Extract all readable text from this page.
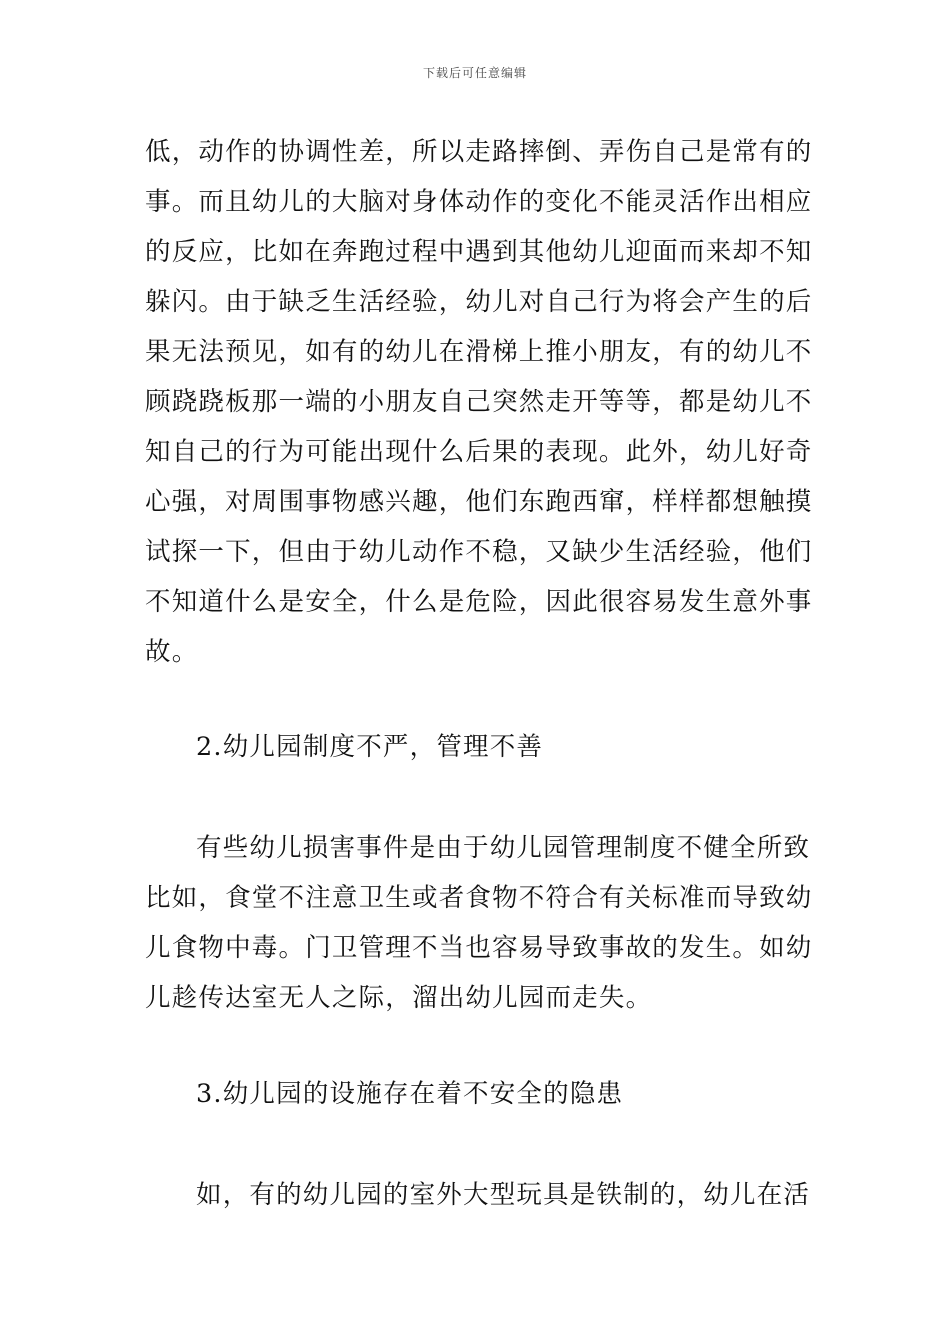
下载后可任意编辑
低，动作的协调性差，所以走路摔倒、弄伤自己是常有的
事。而且幼儿的大脑对身体动作的变化不能灵活作出相应
的反应，比如在奔跑过程中遇到其他幼儿迎面而来却不知
躲闪。由于缺乏生活经验，幼儿对自己行为将会产生的后
果无法预见，如有的幼儿在滑梯上推小朋友，有的幼儿不
顾跷跷板那一端的小朋友自己突然走开等等，都是幼儿不
知自己的行为可能出现什么后果的表现。此外，幼儿好奇
心强，对周围事物感兴趣，他们东跑西窜，样样都想触摸
试探一下，但由于幼儿动作不稳，又缺少生活经验，他们
不知道什么是安全，什么是危险，因此很容易发生意外事
故。
2.幼儿园制度不严，管理不善
有些幼儿损害事件是由于幼儿园管理制度不健全所致
比如，食堂不注意卫生或者食物不符合有关标准而导致幼
儿食物中毒。门卫管理不当也容易导致事故的发生。如幼
儿趁传达室无人之际，溜出幼儿园而走失。
3.幼儿园的设施存在着不安全的隐患
如，有的幼儿园的室外大型玩具是铁制的，幼儿在活
